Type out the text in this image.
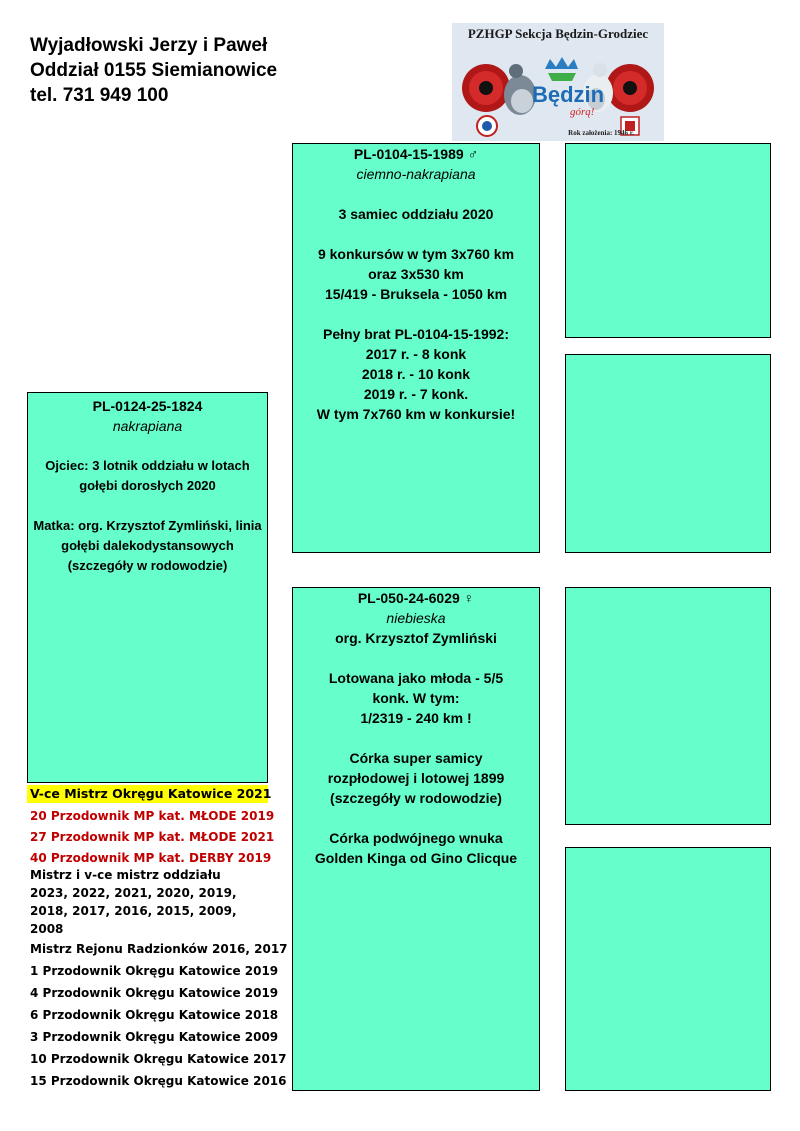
Wyjadłowski Jerzy i Paweł
Oddział 0155 Siemianowice
tel. 731 949 100
PZHGP Sekcja Będzin-Grodziec
Będzin
górą!
Rok założenia: 1946 r.
PL-0124-25-1824
nakrapiana
Ojciec: 3 lotnik oddziału w lotach gołębi dorosłych 2020
Matka: org. Krzysztof Zymliński, linia gołębi dalekodystansowych
(szczegóły w rodowodzie)
PL-0104-15-1989 ♂
ciemno-nakrapiana
3 samiec oddziału 2020
9 konkursów w tym 3x760 km
oraz 3x530 km
15/419 - Bruksela - 1050 km
Pełny brat PL-0104-15-1992:
2017 r. - 8 konk
2018 r. - 10 konk
2019 r. - 7 konk.
W tym 7x760 km w konkursie!
PL-050-24-6029 ♀
niebieska
org. Krzysztof Zymliński
Lotowana jako młoda - 5/5
konk. W tym:
1/2319 - 240 km !
Córka super samicy
rozpłodowej i lotowej 1899
(szczegóły w rodowodzie)
Córka podwójnego wnuka
Golden Kinga od Gino Clicque
V-ce Mistrz Okręgu Katowice 2021
20 Przodownik MP kat. MŁODE 2019
27 Przodownik MP kat. MŁODE 2021
40 Przodownik MP kat. DERBY 2019
Mistrz i v-ce mistrz oddziału
2023, 2022, 2021, 2020, 2019,
2018, 2017, 2016, 2015, 2009,
2008
Mistrz Rejonu Radzionków 2016, 2017
1 Przodownik Okręgu Katowice 2019
4 Przodownik Okręgu Katowice 2019
6 Przodownik Okręgu Katowice 2018
3 Przodownik Okręgu Katowice 2009
10 Przodownik Okręgu Katowice 2017
15 Przodownik Okręgu Katowice 2016
